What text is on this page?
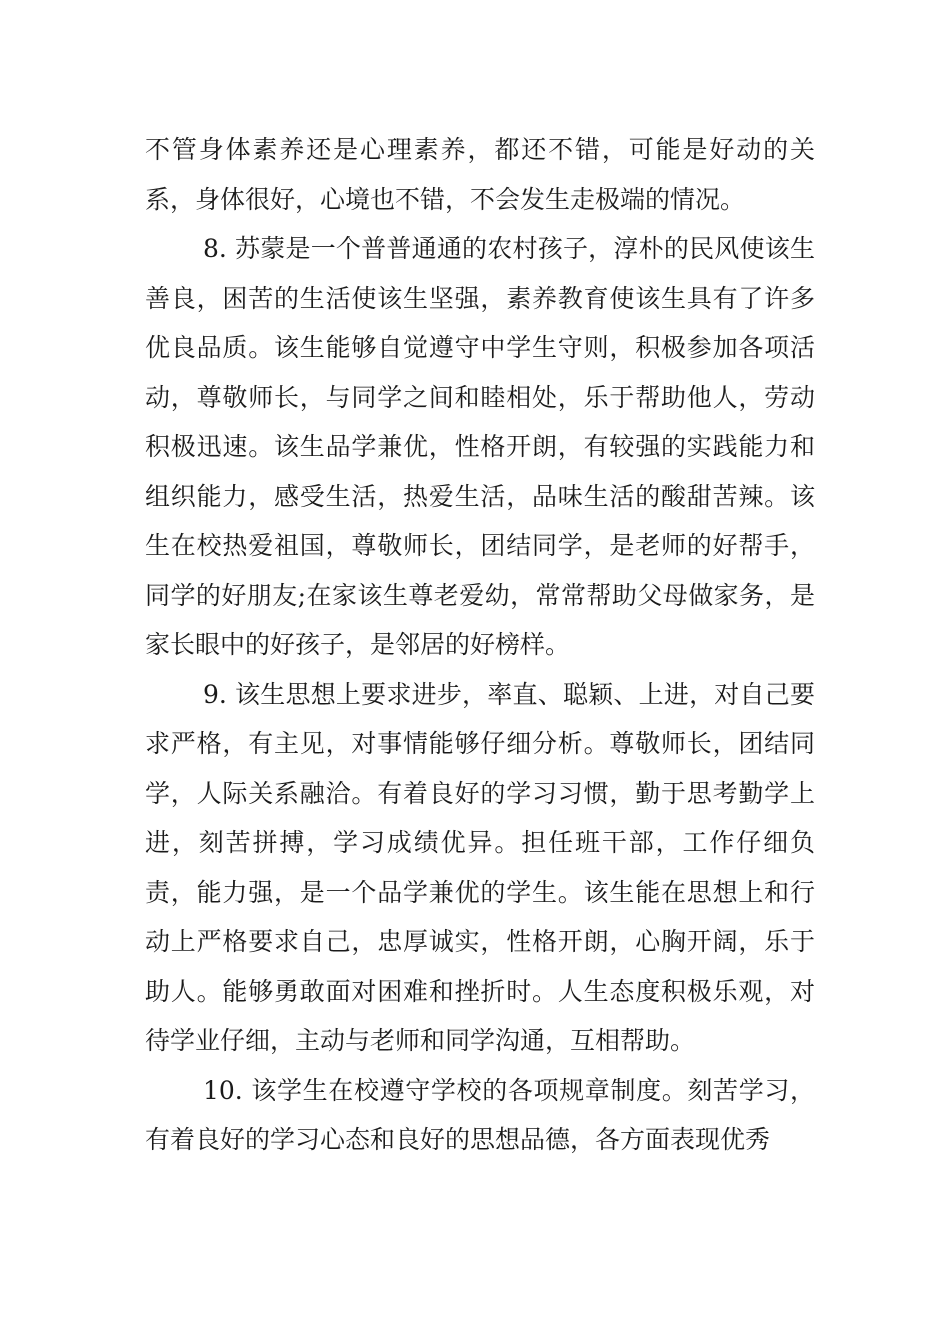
不管身体素养还是心理素养，都还不错，可能是好动的关系，身体很好，心境也不错，不会发生走极端的情况。

8. 苏蒙是一个普普通通的农村孩子，淳朴的民风使该生善良，困苦的生活使该生坚强，素养教育使该生具有了许多优良品质。该生能够自觉遵守中学生守则，积极参加各项活动，尊敬师长，与同学之间和睦相处，乐于帮助他人，劳动积极迅速。该生品学兼优，性格开朗，有较强的实践能力和组织能力，感受生活，热爱生活，品味生活的酸甜苦辣。该生在校热爱祖国，尊敬师长，团结同学，是老师的好帮手，同学的好朋友;在家该生尊老爱幼，常常帮助父母做家务，是家长眼中的好孩子，是邻居的好榜样。

9. 该生思想上要求进步，率直、聪颖、上进，对自己要求严格，有主见，对事情能够仔细分析。尊敬师长，团结同学，人际关系融洽。有着良好的学习习惯，勤于思考勤学上进，刻苦拼搏，学习成绩优异。担任班干部，工作仔细负责，能力强，是一个品学兼优的学生。该生能在思想上和行动上严格要求自己，忠厚诚实，性格开朗，心胸开阔，乐于助人。能够勇敢面对困难和挫折时。人生态度积极乐观，对待学业仔细，主动与老师和同学沟通，互相帮助。

10. 该学生在校遵守学校的各项规章制度。刻苦学习，有着良好的学习心态和良好的思想品德，各方面表现优秀
